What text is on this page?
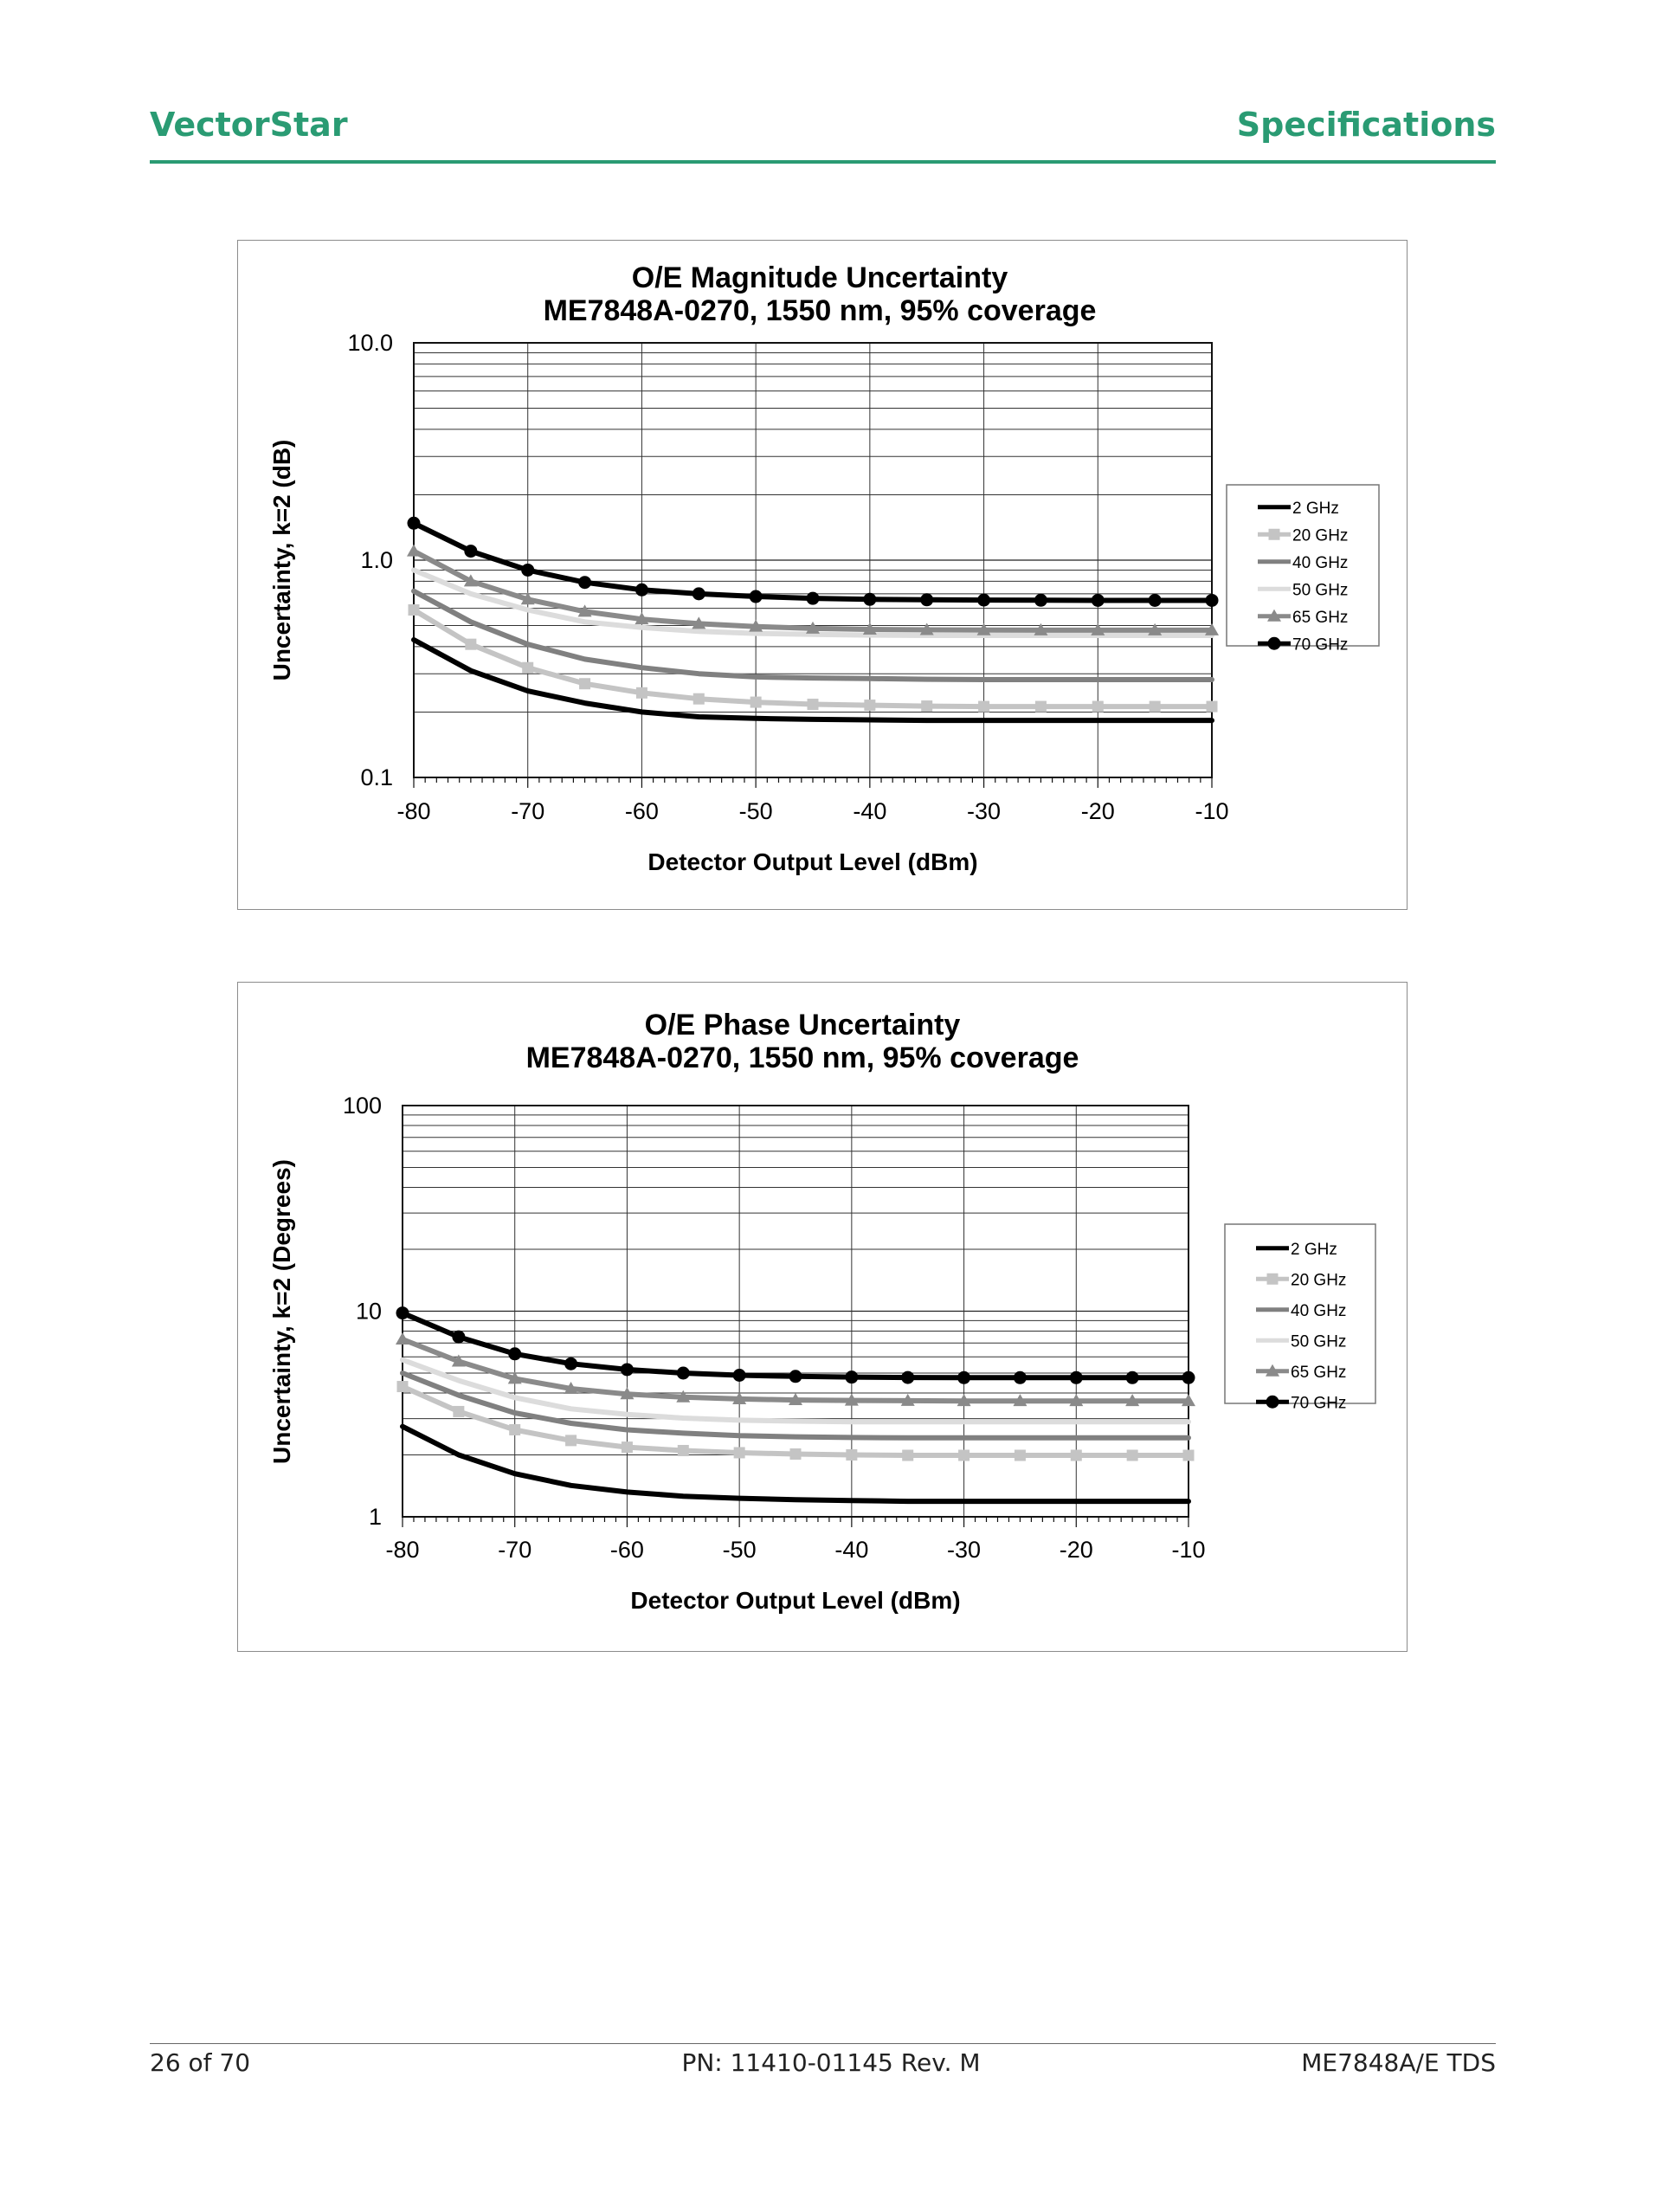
VectorStar	Specifications
O/E Magnitude Uncertainty
ME7848A-0270, 1550 nm, 95% coverage
-80	-70	-60	-50	-40	-30	-20	-10
0.1
1.0
10.0
Detector Output Level (dBm)
Uncertainty, k=2 (dB)	2 GHz
20 GHz
40 GHz
50 GHz
65 GHz
70 GHz
O/E Phase Uncertainty
ME7848A-0270, 1550 nm, 95% coverage
-80	-70	-60	-50	-40	-30	-20	-10
1
10
100
Detector Output Level (dBm)
Uncertainty, k=2 (Degrees)	2 GHz
20 GHz
40 GHz
50 GHz
65 GHz
70 GHz
26 of 70	PN: 11410-01145 Rev. M	ME7848A/E TDS
